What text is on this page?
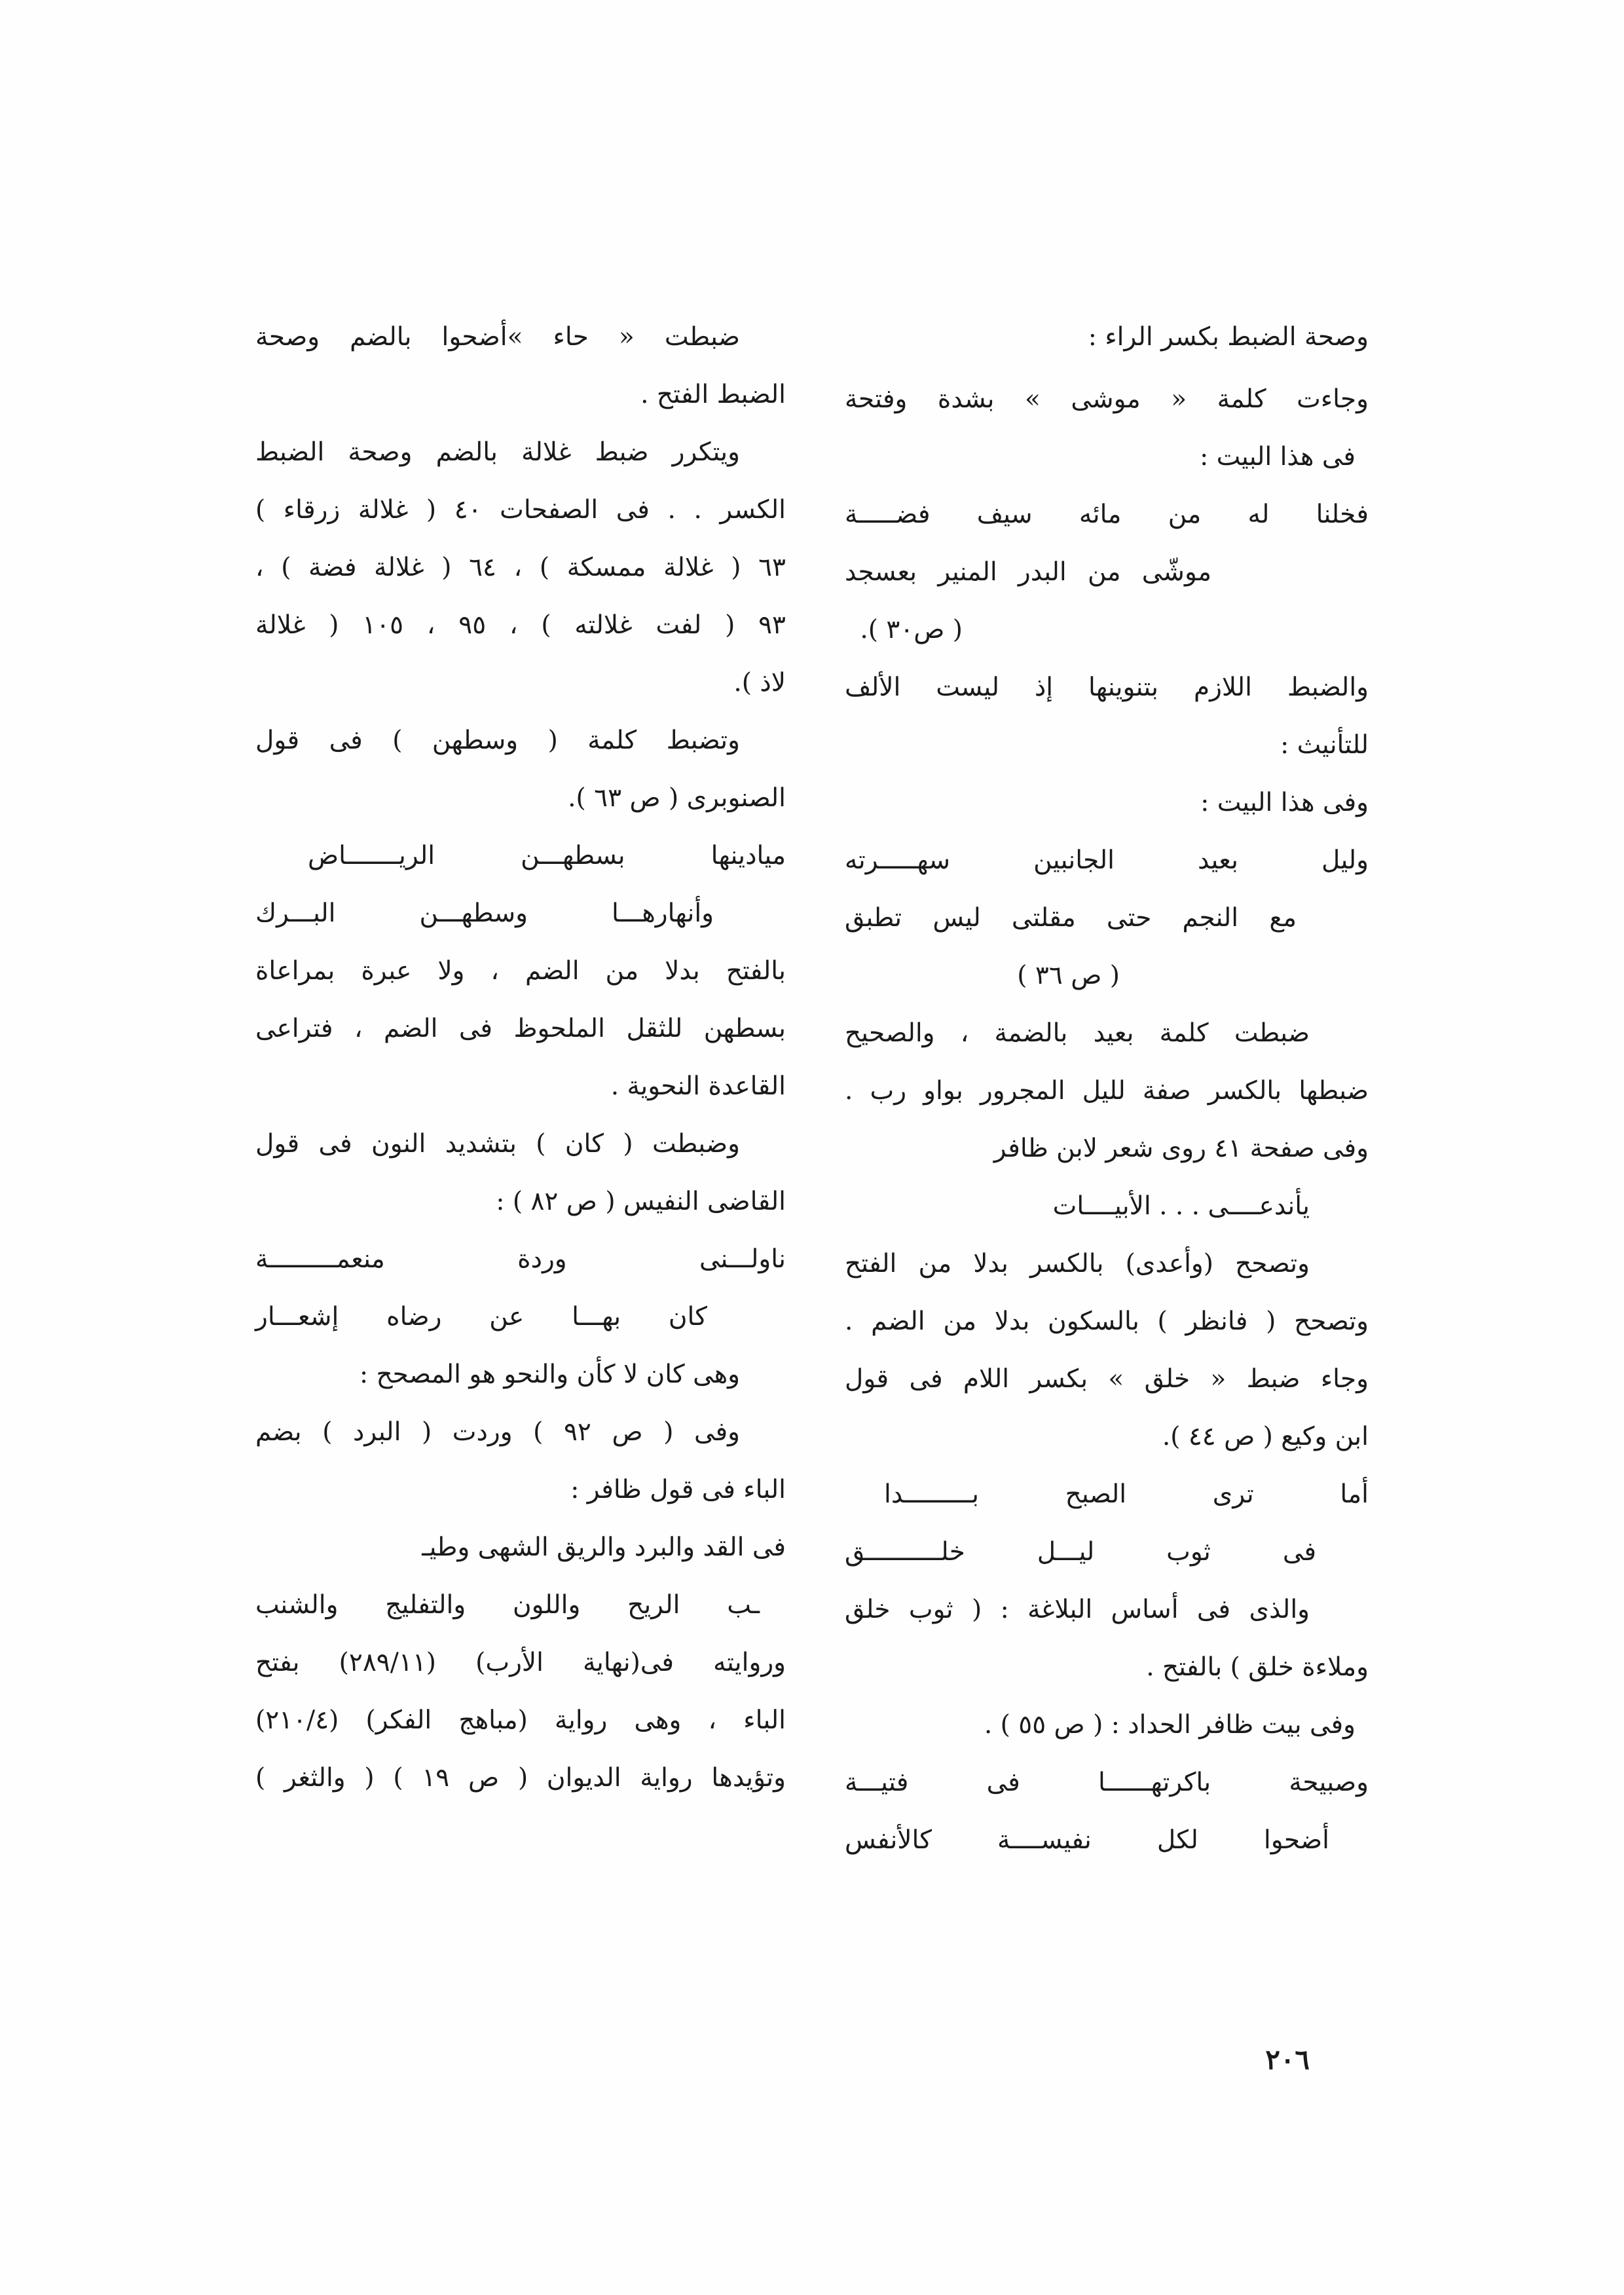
وصحة الضبط بكسر الراء :
وجاءت كلمة « موشى » بشدة وفتحة
فى هذا البيت :
فخلنا له من مائه سيف فضـــــة
موشّى من البدر المنير بعسجد
( ص٣٠ ).
والضبط اللازم بتنوينها إذ ليست الألف
للتأنيث :
وفى هذا البيت :
وليل بعيد الجانبين سهـــــرته
مع النجم حتى مقلتى ليس تطبق
( ص ٣٦ )
ضبطت كلمة بعيد بالضمة ، والصحيح
ضبطها بالكسر صفة لليل المجرور بواو رب .
وفى صفحة ٤١ روى شعر لابن ظافر
يأندعــــى . . . الأبيــــات
وتصحح (وأعدى) بالكسر بدلا من الفتح
وتصحح ( فانظر ) بالسكون بدلا من الضم .
وجاء ضبط « خلق » بكسر اللام فى قول
ابن وكيع ( ص ٤٤ ).
أما ترى الصبح بـــــــــدا
فى ثوب ليـــل خلــــــــــق
والذى فى أساس البلاغة : ( ثوب خلق
وملاءة خلق ) بالفتح .
وفى بيت ظافر الحداد : ( ص ٥٥ ) .
وصبيحة باكرتهــــــا فى فتيـــة
أضحوا لكل نفيســــة كالأنفس
ضبطت « حاء »أضحوا بالضم وصحة
الضبط الفتح .
ويتكرر ضبط غلالة بالضم وصحة الضبط
الكسر . . فى الصفحات ٤٠ ( غلالة زرقاء )
٦٣ ( غلالة ممسكة ) ، ٦٤ ( غلالة فضة ) ،
٩٣ ( لفت غلالته ) ، ٩٥ ، ١٠٥ ( غلالة
لاذ ).
وتضبط كلمة ( وسطهن ) فى قول
الصنوبرى ( ص ٦٣ ).
ميادينها بسطهـــن الريـــــــاض
وأنهارهـــا وسطهـــن البـــرك
بالفتح بدلا من الضم ، ولا عبرة بمراعاة
بسطهن للثقل الملحوظ فى الضم ، فتراعى
القاعدة النحوية .
وضبطت ( كان ) بتشديد النون فى قول
القاضى النفيس ( ص ٨٢ ) :
ناولـــنى وردة منعمـــــــــة
كان بهـــا عن رضاه إشعـــار
وهى كان لا كأن والنحو هو المصحح :
وفى ( ص ٩٢ ) وردت ( البرد ) بضم
الباء فى قول ظافر :
فى القد والبرد والريق الشهى وطيـ
ـب الريح واللون والتفليج والشنب
وروايته فى(نهاية الأرب) (٢٨٩/١١) بفتح
الباء ، وهى رواية (مباهج الفكر) (٢١٠/٤)
وتؤيدها رواية الديوان ( ص ١٩ ) ( والثغر )
٢٠٦
